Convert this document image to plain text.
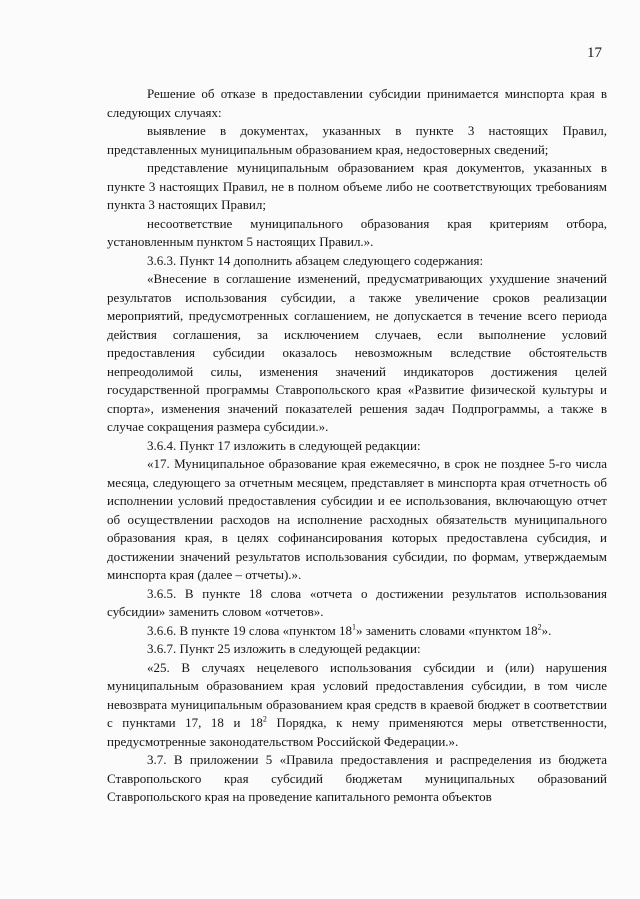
17

Решение об отказе в предоставлении субсидии принимается минспорта края в следующих случаях:

выявление в документах, указанных в пункте 3 настоящих Правил, представленных муниципальным образованием края, недостоверных сведений;

представление муниципальным образованием края документов, указанных в пункте 3 настоящих Правил, не в полном объеме либо не соответствующих требованиям пункта 3 настоящих Правил;

несоответствие муниципального образования края критериям отбора, установленным пунктом 5 настоящих Правил.».

3.6.3. Пункт 14 дополнить абзацем следующего содержания:

«Внесение в соглашение изменений, предусматривающих ухудшение значений результатов использования субсидии, а также увеличение сроков реализации мероприятий, предусмотренных соглашением, не допускается в течение всего периода действия соглашения, за исключением случаев, если выполнение условий предоставления субсидии оказалось невозможным вследствие обстоятельств непреодолимой силы, изменения значений индикаторов достижения целей государственной программы Ставропольского края «Развитие физической культуры и спорта», изменения значений показателей решения задач Подпрограммы, а также в случае сокращения размера субсидии.».

3.6.4. Пункт 17 изложить в следующей редакции:

«17. Муниципальное образование края ежемесячно, в срок не позднее 5-го числа месяца, следующего за отчетным месяцем, представляет в минспорта края отчетность об исполнении условий предоставления субсидии и ее использования, включающую отчет об осуществлении расходов на исполнение расходных обязательств муниципального образования края, в целях софинансирования которых предоставлена субсидия, и достижении значений результатов использования субсидии, по формам, утверждаемым минспорта края (далее – отчеты).».

3.6.5. В пункте 18 слова «отчета о достижении результатов использования субсидии» заменить словом «отчетов».

3.6.6. В пункте 19 слова «пунктом $18^1$» заменить словами «пунктом $18^2$».

3.6.7. Пункт 25 изложить в следующей редакции:

«25. В случаях нецелевого использования субсидии и (или) нарушения муниципальным образованием края условий предоставления субсидии, в том числе невозврата муниципальным образованием края средств в краевой бюджет в соответствии с пунктами 17, 18 и $18^2$ Порядка, к нему применяются меры ответственности, предусмотренные законодательством Российской Федерации.».

3.7. В приложении 5 «Правила предоставления и распределения из бюджета Ставропольского края субсидий бюджетам муниципальных образований Ставропольского края на проведение капитального ремонта объектов
